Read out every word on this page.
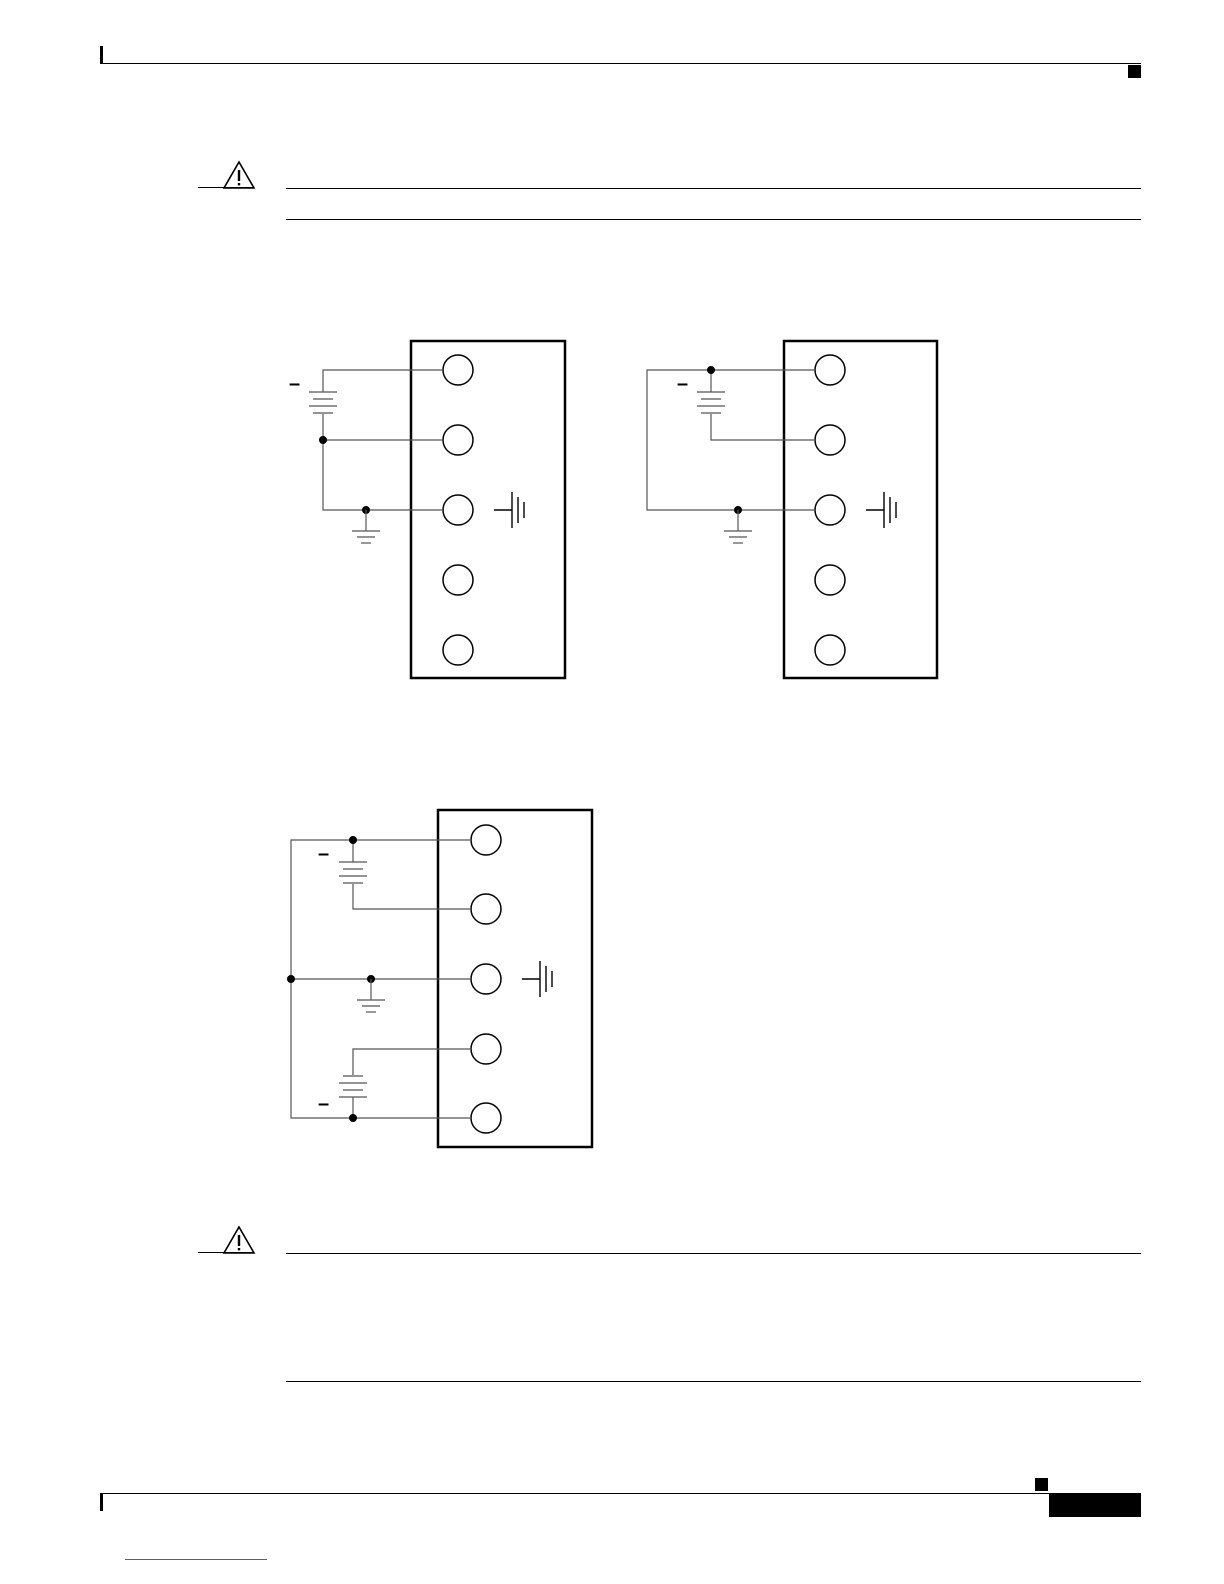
–	–
–
–
